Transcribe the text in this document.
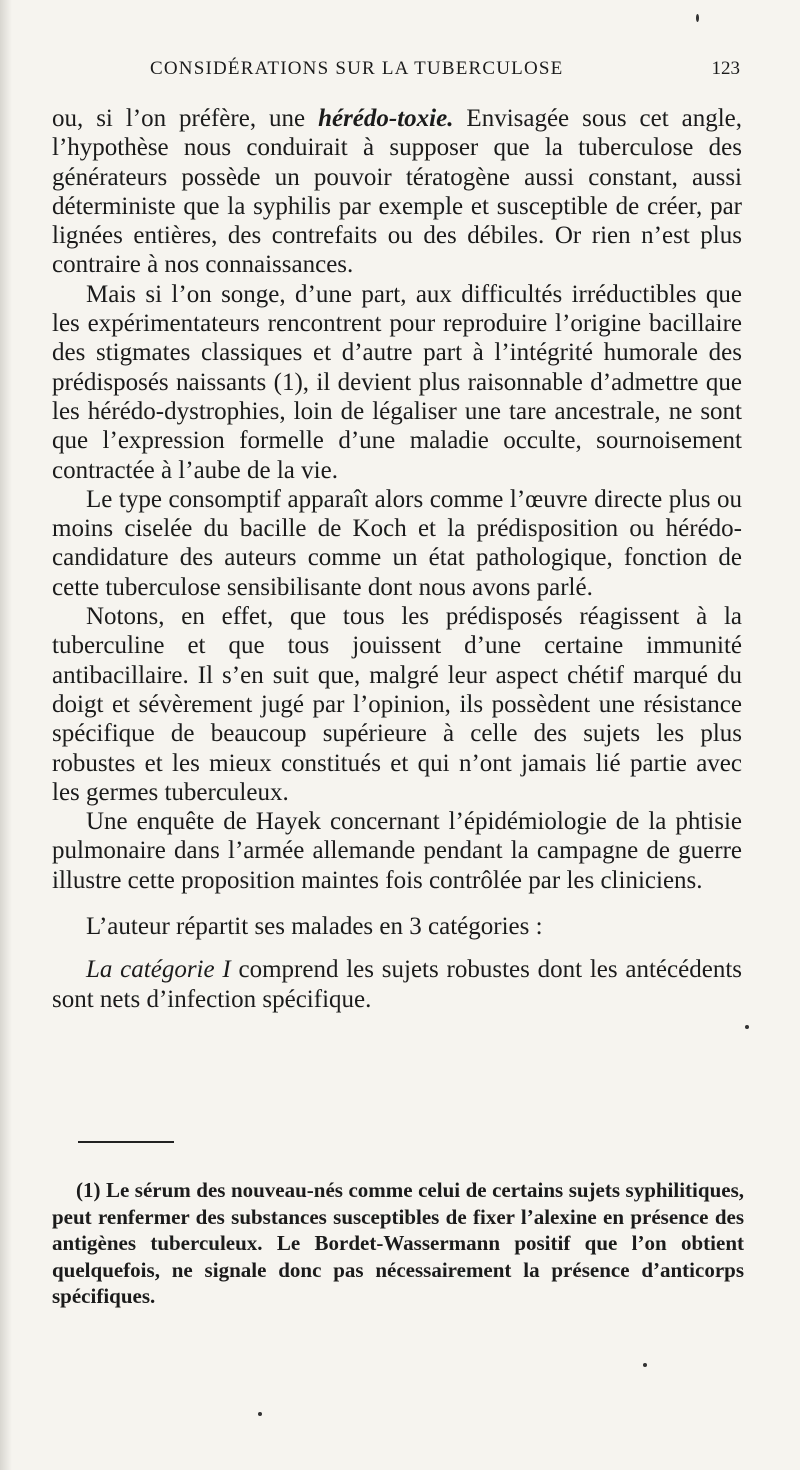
CONSIDÉRATIONS SUR LA TUBERCULOSE	123

ou, si l’on préfère, une hérédo-toxie. Envisagée sous cet angle, l’hypothèse nous conduirait à supposer que la tuberculose des générateurs possède un pouvoir tératogène aussi constant, aussi déterministe que la syphilis par exemple et susceptible de créer, par lignées entières, des contrefaits ou des débiles. Or rien n’est plus contraire à nos connaissances.

Mais si l’on songe, d’une part, aux difficultés irréductibles que les expérimentateurs rencontrent pour reproduire l’origine bacillaire des stigmates classiques et d’autre part à l’intégrité humorale des prédisposés naissants (1), il devient plus raisonnable d’admettre que les hérédo-dystrophies, loin de légaliser une tare ancestrale, ne sont que l’expression formelle d’une maladie occulte, sournoisement contractée à l’aube de la vie.

Le type consomptif apparaît alors comme l’œuvre directe plus ou moins ciselée du bacille de Koch et la prédisposition ou hérédo-candidature des auteurs comme un état pathologique, fonction de cette tuberculose sensibilisante dont nous avons parlé.

Notons, en effet, que tous les prédisposés réagissent à la tuberculine et que tous jouissent d’une certaine immunité antibacillaire. Il s’en suit que, malgré leur aspect chétif marqué du doigt et sévèrement jugé par l’opinion, ils possèdent une résistance spécifique de beaucoup supérieure à celle des sujets les plus robustes et les mieux constitués et qui n’ont jamais lié partie avec les germes tuberculeux.

Une enquête de Hayek concernant l’épidémiologie de la phtisie pulmonaire dans l’armée allemande pendant la campagne de guerre illustre cette proposition maintes fois contrôlée par les cliniciens.

L’auteur répartit ses malades en 3 catégories :

La catégorie I comprend les sujets robustes dont les antécédents sont nets d’infection spécifique.

(1) Le sérum des nouveau-nés comme celui de certains sujets syphilitiques, peut renfermer des substances susceptibles de fixer l’alexine en présence des antigènes tuberculeux. Le Bordet-Wassermann positif que l’on obtient quelquefois, ne signale donc pas nécessairement la présence d’anticorps spécifiques.
